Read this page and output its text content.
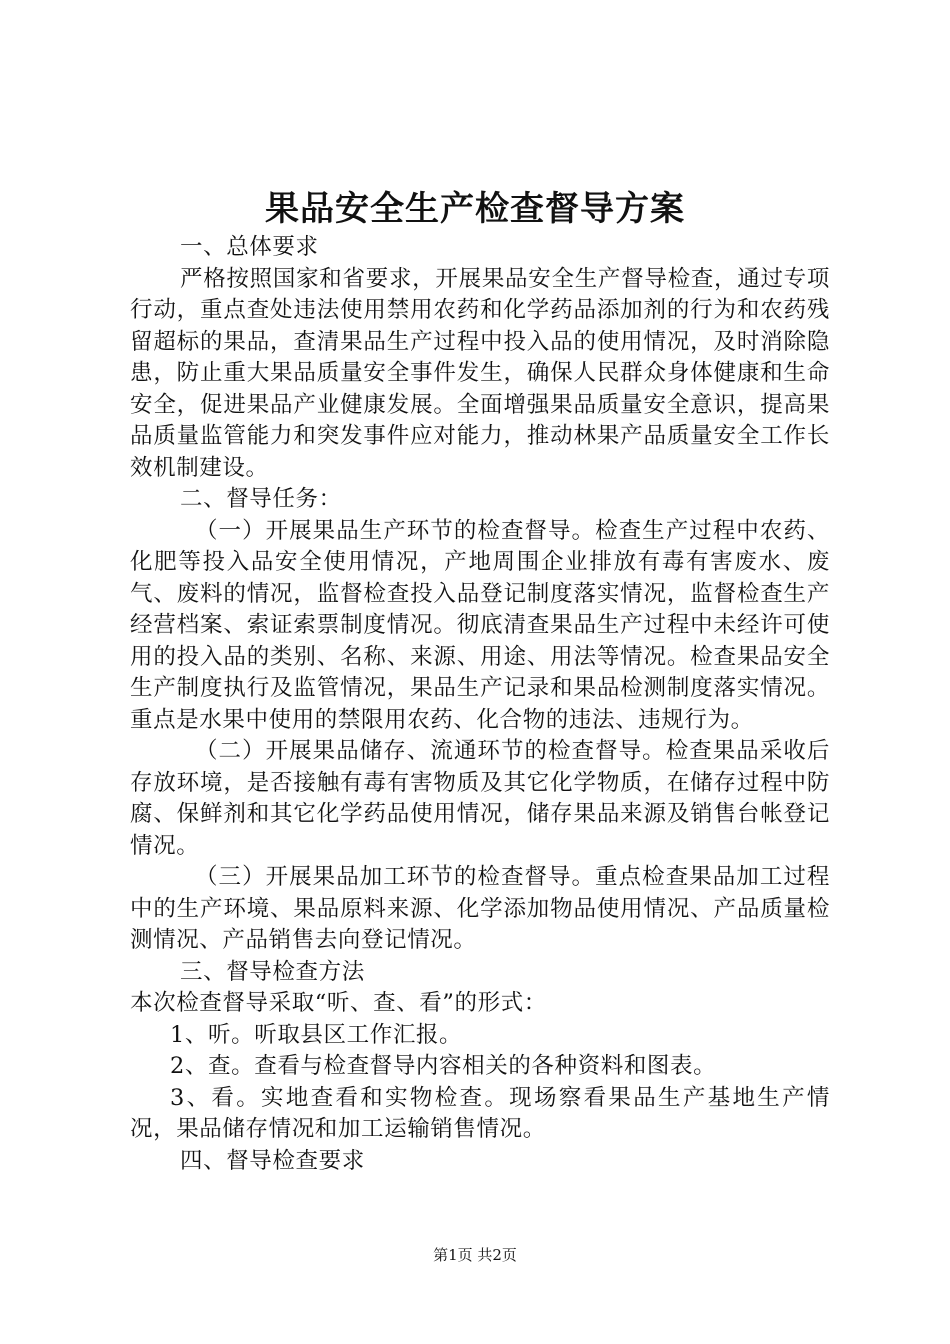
果品安全生产检查督导方案

一、总体要求

严格按照国家和省要求，开展果品安全生产督导检查，通过专项行动，重点查处违法使用禁用农药和化学药品添加剂的行为和农药残留超标的果品，查清果品生产过程中投入品的使用情况，及时消除隐患，防止重大果品质量安全事件发生，确保人民群众身体健康和生命安全，促进果品产业健康发展。全面增强果品质量安全意识，提高果品质量监管能力和突发事件应对能力，推动林果产品质量安全工作长效机制建设。

二、督导任务：

（一）开展果品生产环节的检查督导。检查生产过程中农药、化肥等投入品安全使用情况，产地周围企业排放有毒有害废水、废气、废料的情况，监督检查投入品登记制度落实情况，监督检查生产经营档案、索证索票制度情况。彻底清查果品生产过程中未经许可使用的投入品的类别、名称、来源、用途、用法等情况。检查果品安全生产制度执行及监管情况，果品生产记录和果品检测制度落实情况。重点是水果中使用的禁限用农药、化合物的违法、违规行为。

（二）开展果品储存、流通环节的检查督导。检查果品采收后存放环境，是否接触有毒有害物质及其它化学物质，在储存过程中防腐、保鲜剂和其它化学药品使用情况，储存果品来源及销售台帐登记情况。

（三）开展果品加工环节的检查督导。重点检查果品加工过程中的生产环境、果品原料来源、化学添加物品使用情况、产品质量检测情况、产品销售去向登记情况。

三、督导检查方法

本次检查督导采取“听、查、看”的形式：

1、听。听取县区工作汇报。

2、查。查看与检查督导内容相关的各种资料和图表。

3、看。实地查看和实物检查。现场察看果品生产基地生产情况，果品储存情况和加工运输销售情况。

四、督导检查要求

第1页 共2页
